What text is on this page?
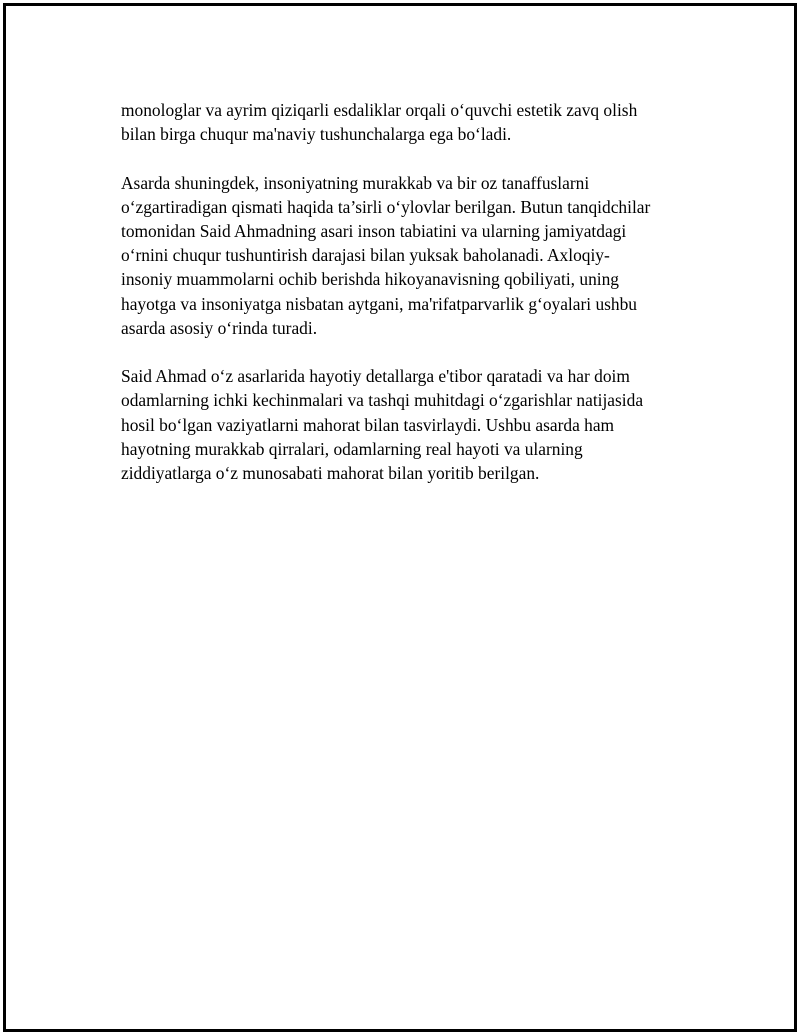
monologlar va ayrim qiziqarli esdaliklar orqali o‘quvchi estetik zavq olish
bilan birga chuqur ma'naviy tushunchalarga ega bo‘ladi.

Asarda shuningdek, insoniyatning murakkab va bir oz tanaffuslarni
o‘zgartiradigan qismati haqida ta’sirli o‘ylovlar berilgan. Butun tanqidchilar
tomonidan Said Ahmadning asari inson tabiatini va ularning jamiyatdagi
o‘rnini chuqur tushuntirish darajasi bilan yuksak baholanadi. Axloqiy-
insoniy muammolarni ochib berishda hikoyanavisning qobiliyati, uning
hayotga va insoniyatga nisbatan aytgani, ma'rifatparvarlik g‘oyalari ushbu
asarda asosiy o‘rinda turadi.

Said Ahmad o‘z asarlarida hayotiy detallarga e'tibor qaratadi va har doim
odamlarning ichki kechinmalari va tashqi muhitdagi o‘zgarishlar natijasida
hosil bo‘lgan vaziyatlarni mahorat bilan tasvirlaydi. Ushbu asarda ham
hayotning murakkab qirralari, odamlarning real hayoti va ularning
ziddiyatlarga o‘z munosabati mahorat bilan yoritib berilgan.
